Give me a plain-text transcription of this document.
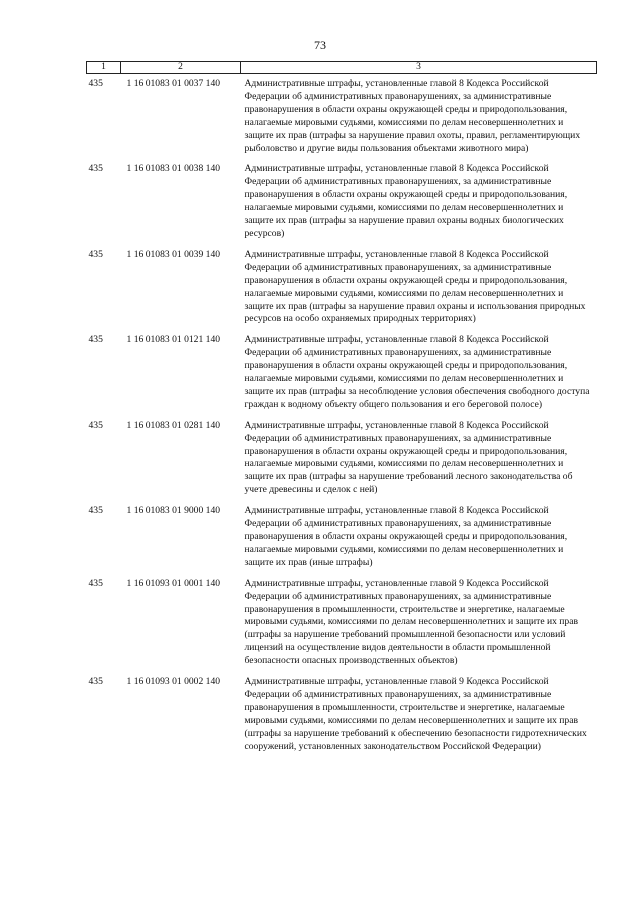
73
1	2	3
435	1 16 01083 01 0037 140	Административные штрафы, установленные главой 8 Кодекса Российской Федерации об административных правонарушениях, за административные правонарушения в области охраны окружающей среды и природопользования, налагаемые мировыми судьями, комиссиями по делам несовершеннолетних и защите их прав (штрафы за нарушение правил охоты, правил, регламентирующих рыболовство и другие виды пользования объектами животного мира)
435	1 16 01083 01 0038 140	Административные штрафы, установленные главой 8 Кодекса Российской Федерации об административных правонарушениях, за административные правонарушения в области охраны окружающей среды и природопользования, налагаемые мировыми судьями, комиссиями по делам несовершеннолетних и защите их прав (штрафы за нарушение правил охраны водных биологических ресурсов)
435	1 16 01083 01 0039 140	Административные штрафы, установленные главой 8 Кодекса Российской Федерации об административных правонарушениях, за административные правонарушения в области охраны окружающей среды и природопользования, налагаемые мировыми судьями, комиссиями по делам несовершеннолетних и защите их прав (штрафы за нарушение правил охраны и использования природных ресурсов на особо охраняемых природных территориях)
435	1 16 01083 01 0121 140	Административные штрафы, установленные главой 8 Кодекса Российской Федерации об административных правонарушениях, за административные правонарушения в области охраны окружающей среды и природопользования, налагаемые мировыми судьями, комиссиями по делам несовершеннолетних и защите их прав (штрафы за несоблюдение условия обеспечения свободного доступа граждан к водному объекту общего пользования и его береговой полосе)
435	1 16 01083 01 0281 140	Административные штрафы, установленные главой 8 Кодекса Российской Федерации об административных правонарушениях, за административные правонарушения в области охраны окружающей среды и природопользования, налагаемые мировыми судьями, комиссиями по делам несовершеннолетних и защите их прав (штрафы за нарушение требований лесного законодательства об учете древесины и сделок с ней)
435	1 16 01083 01 9000 140	Административные штрафы, установленные главой 8 Кодекса Российской Федерации об административных правонарушениях, за административные правонарушения в области охраны окружающей среды и природопользования, налагаемые мировыми судьями, комиссиями по делам несовершеннолетних и защите их прав (иные штрафы)
435	1 16 01093 01 0001 140	Административные штрафы, установленные главой 9 Кодекса Российской Федерации об административных правонарушениях, за административные правонарушения в промышленности, строительстве и энергетике, налагаемые мировыми судьями, комиссиями по делам несовершеннолетних и защите их прав (штрафы за нарушение требований промышленной безопасности или условий лицензий на осуществление видов деятельности в области промышленной безопасности опасных производственных объектов)
435	1 16 01093 01 0002 140	Административные штрафы, установленные главой 9 Кодекса Российской Федерации об административных правонарушениях, за административные правонарушения в промышленности, строительстве и энергетике, налагаемые мировыми судьями, комиссиями по делам несовершеннолетних и защите их прав (штрафы за нарушение требований к обеспечению безопасности гидротехнических сооружений, установленных законодательством Российской Федерации)
